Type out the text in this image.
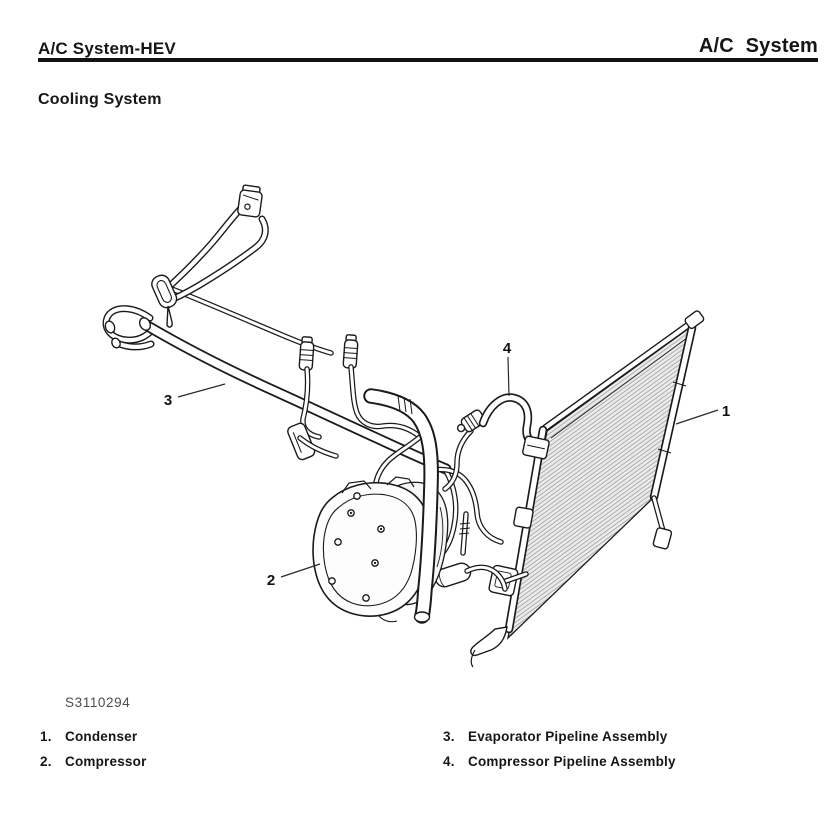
A/C System-HEV	A/C System
Cooling System
1
2
3
4
S3110294
1. Condenser
2. Compressor
3. Evaporator Pipeline Assembly
4. Compressor Pipeline Assembly
